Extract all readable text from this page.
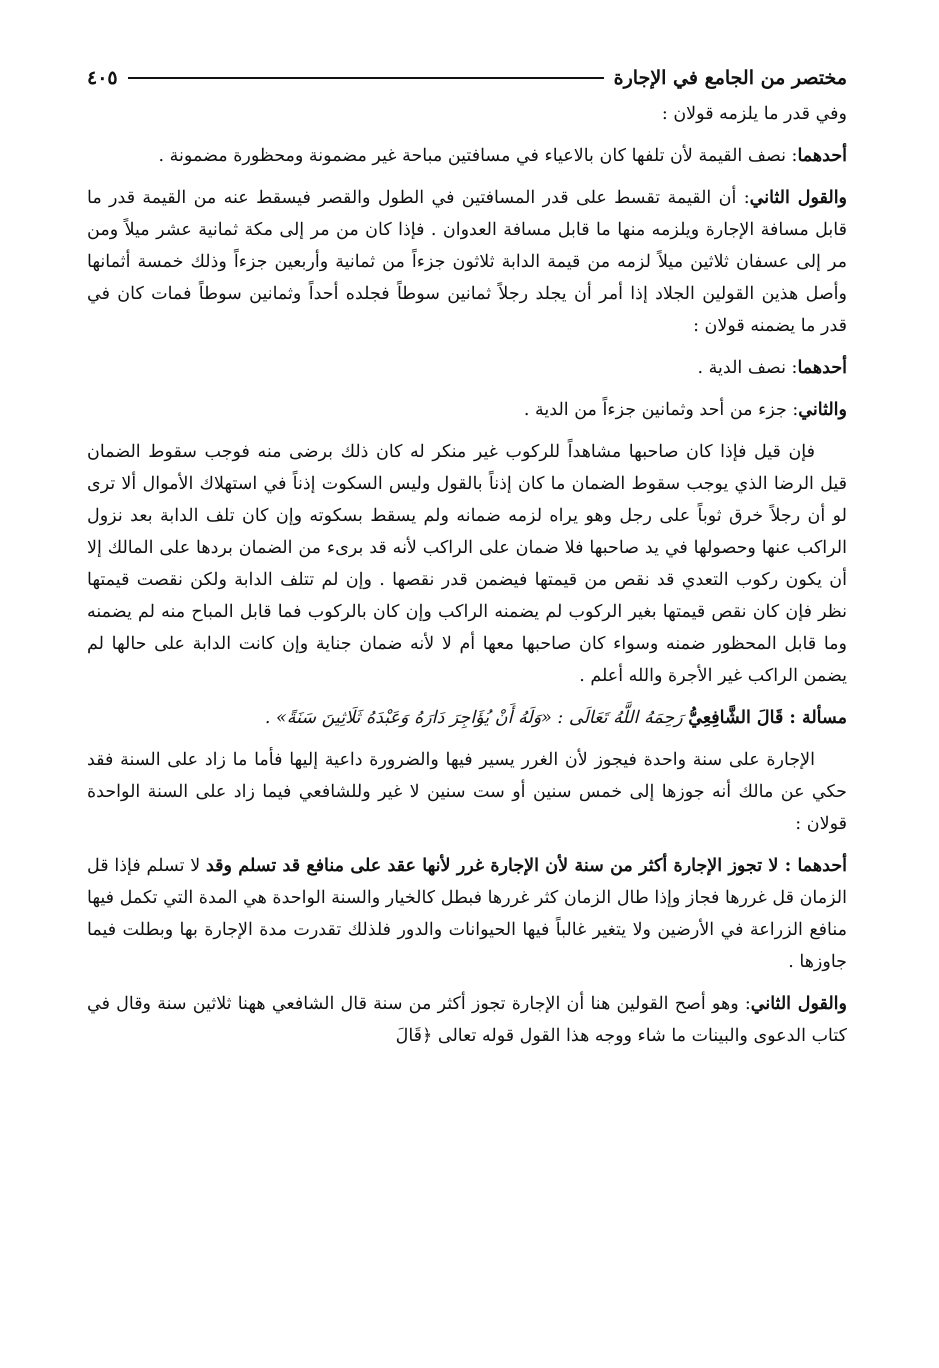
مختصر من الجامع في الإجارة
٤٠٥

وفي قدر ما يلزمه قولان :

أحدهما: نصف القيمة لأن تلفها كان بالاعياء في مسافتين مباحة غير مضمونة ومحظورة مضمونة .

والقول الثاني: أن القيمة تقسط على قدر المسافتين في الطول والقصر فيسقط عنه من القيمة قدر ما قابل مسافة الإجارة ويلزمه منها ما قابل مسافة العدوان . فإذا كان من مر إلى مكة ثمانية عشر ميلاً ومن مر إلى عسفان ثلاثين ميلاً لزمه من قيمة الدابة ثلاثون جزءاً من ثمانية وأربعين جزءاً وذلك خمسة أثمانها وأصل هذين القولين الجلاد إذا أمر أن يجلد رجلاً ثمانين سوطاً فجلده أحداً وثمانين سوطاً فمات كان في قدر ما يضمنه قولان :

أحدهما: نصف الدية .

والثاني: جزء من أحد وثمانين جزءاً من الدية .

فإن قيل فإذا كان صاحبها مشاهداً للركوب غير منكر له كان ذلك برضى منه فوجب سقوط الضمان قيل الرضا الذي يوجب سقوط الضمان ما كان إذناً بالقول وليس السكوت إذناً في استهلاك الأموال ألا ترى لو أن رجلاً خرق ثوباً على رجل وهو يراه لزمه ضمانه ولم يسقط بسكوته وإن كان تلف الدابة بعد نزول الراكب عنها وحصولها في يد صاحبها فلا ضمان على الراكب لأنه قد برىء من الضمان بردها على المالك إلا أن يكون ركوب التعدي قد نقص من قيمتها فيضمن قدر نقصها . وإن لم تتلف الدابة ولكن نقصت قيمتها نظر فإن كان نقص قيمتها بغير الركوب لم يضمنه الراكب وإن كان بالركوب فما قابل المباح منه لم يضمنه وما قابل المحظور ضمنه وسواء كان صاحبها معها أم لا لأنه ضمان جناية وإن كانت الدابة على حالها لم يضمن الراكب غير الأجرة والله أعلم .

مسألة : قَالَ الشَّافِعِيُّ رَحِمَهُ اللَّهُ تَعَالَى : «وَلَهُ أَنْ يُؤَاجِرَ دَارَهُ وَعَبْدَهُ ثَلَاثِينَ سَنَةً» .

الإجارة على سنة واحدة فيجوز لأن الغرر يسير فيها والضرورة داعية إليها فأما ما زاد على السنة فقد حكي عن مالك أنه جوزها إلى خمس سنين أو ست سنين لا غير وللشافعي فيما زاد على السنة الواحدة قولان :

أحدهما : لا تجوز الإجارة أكثر من سنة لأن الإجارة غرر لأنها عقد على منافع قد تسلم وقد لا تسلم فإذا قل الزمان قل غررها فجاز وإذا طال الزمان كثر غررها فبطل كالخيار والسنة الواحدة هي المدة التي تكمل فيها منافع الزراعة في الأرضين ولا يتغير غالباً فيها الحيوانات والدور فلذلك تقدرت مدة الإجارة بها وبطلت فيما جاوزها .

والقول الثاني: وهو أصح القولين هنا أن الإجارة تجوز أكثر من سنة قال الشافعي ههنا ثلاثين سنة وقال في كتاب الدعوى والبينات ما شاء ووجه هذا القول قوله تعالى ﴿قَالَ
